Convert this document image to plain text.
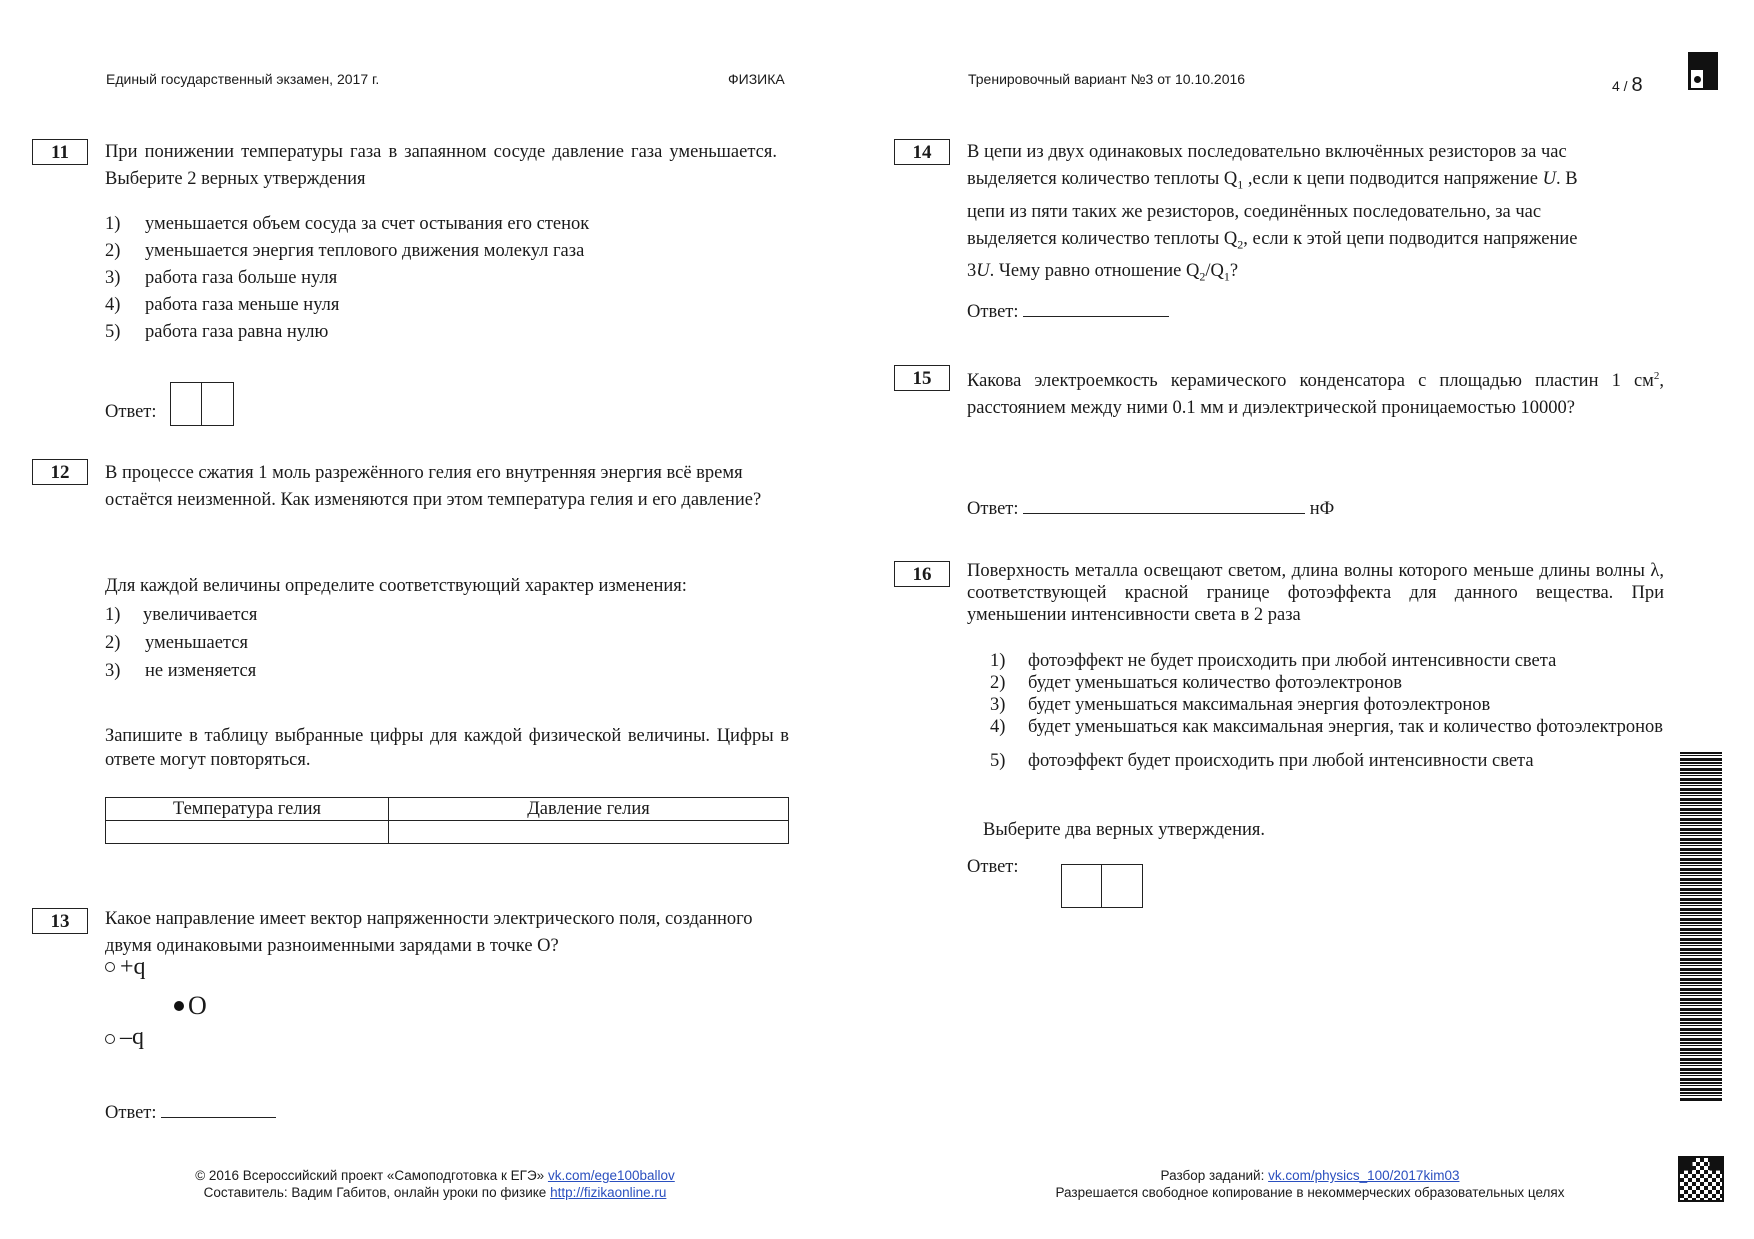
Единый государственный экзамен, 2017 г.	ФИЗИКА	Тренировочный вариант №3 от 10.10.2016	4 / 8
11	При понижении температуры газа в запаянном сосуде давление газа уменьшается. Выберите 2 верных утверждения
1)	уменьшается объем сосуда за счет остывания его стенок
2)	уменьшается энергия теплового движения молекул газа
3)	работа газа больше нуля
4)	работа газа меньше нуля
5)	работа газа равна нулю
Ответ:
12	В процессе сжатия 1 моль разрежённого гелия его внутренняя энергия всё время остаётся неизменной. Как изменяются при этом температура гелия и его давление?
Для каждой величины определите соответствующий характер изменения:
1)	увеличивается
2)	уменьшается
3)	не изменяется
Запишите в таблицу выбранные цифры для каждой физической величины. Цифры в ответе могут повторяться.
Температура гелия	Давление гелия

13	Какое направление имеет вектор напряженности электрического поля, созданного двумя одинаковыми разноименными зарядами в точке О?
+q
O
–q
Ответ:
14	В цепи из двух одинаковых последовательно включённых резисторов за час
выделяется количество теплоты $Q_1$ ,если к цепи подводится напряжение U. В
цепи из пяти таких же резисторов, соединённых последовательно, за час
выделяется количество теплоты $Q_2$, если к этой цепи подводится напряжение
3U. Чему равно отношение $Q_2/Q_1$?
Ответ:
15	Какова электроемкость керамического конденсатора с площадью пластин 1 $см^2$, расстоянием между ними 0.1 мм и диэлектрической проницаемостью 10000?
Ответ:	нФ
16	Поверхность металла освещают светом, длина волны которого меньше длины волны λ, соответствующей красной границе фотоэффекта для данного вещества. При уменьшении интенсивности света в 2 раза
1)	фотоэффект не будет происходить при любой интенсивности света
2)	будет уменьшаться количество фотоэлектронов
3)	будет уменьшаться максимальная энергия фотоэлектронов
4)	будет уменьшаться как максимальная энергия, так и количество фотоэлектронов
5)	фотоэффект будет происходить при любой интенсивности света
Выберите два верных утверждения.
Ответ:
© 2016 Всероссийский проект «Самоподготовка к ЕГЭ» vk.com/ege100ballov
Составитель: Вадим Габитов, онлайн уроки по физике http://fizikaonline.ru
Разбор заданий: vk.com/physics_100/2017kim03
Разрешается свободное копирование в некоммерческих образовательных целях
